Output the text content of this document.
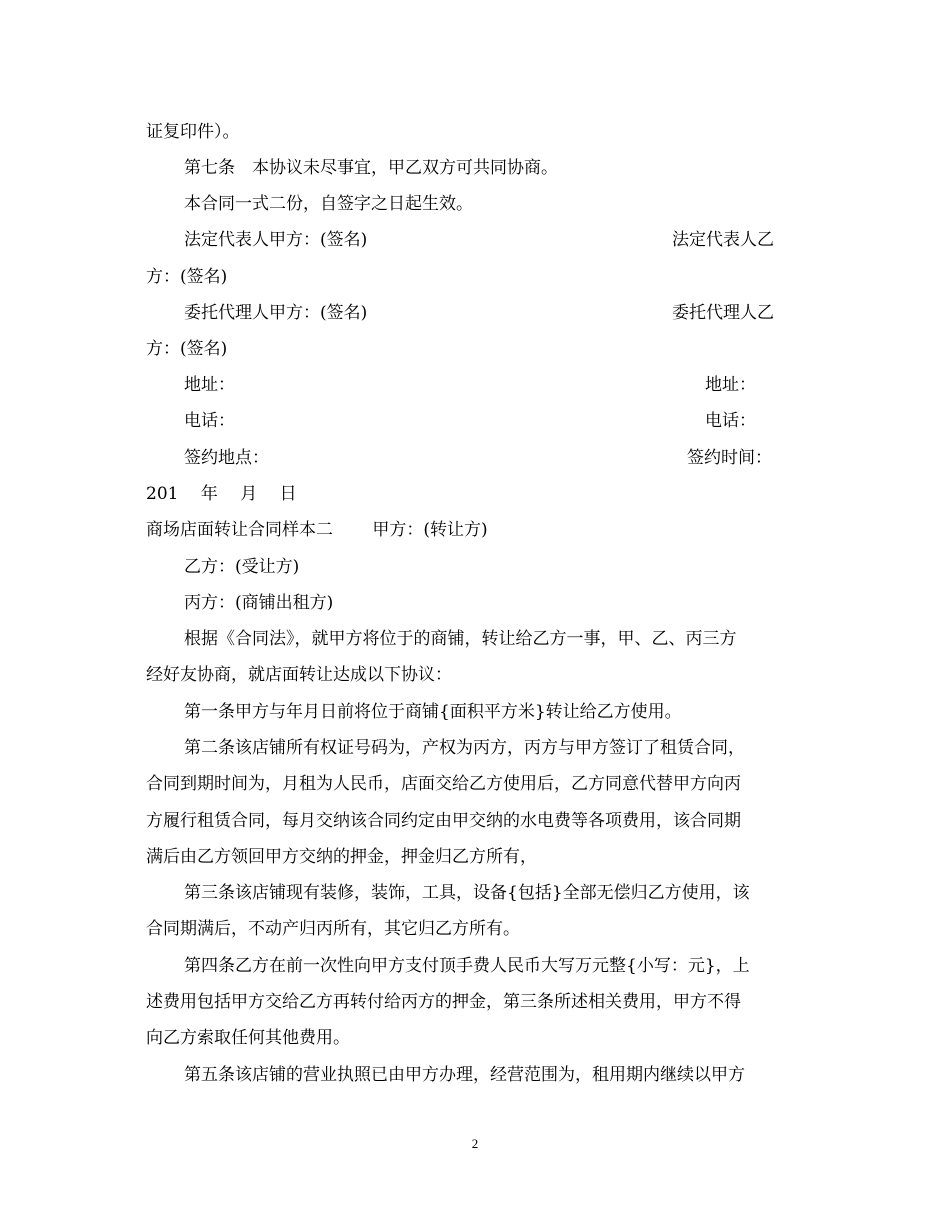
证复印件）。
第七条　本协议未尽事宜，甲乙双方可共同协商。
本合同一式二份，自签字之日起生效。
法定代表人甲方：(签名)	法定代表人乙
方：(签名)
委托代理人甲方：(签名)	委托代理人乙
方：(签名)
地址：	地址：
电话：	电话：
签约地点：	签约时间：
201　 年　 月　 日
商场店面转让合同样本二　　 甲方：(转让方)
乙方：(受让方)
丙方：(商铺出租方)
根据《合同法》，就甲方将位于的商铺，转让给乙方一事，甲、乙、丙三方
经好友协商，就店面转让达成以下协议：
第一条甲方与年月日前将位于商铺{面积平方米}转让给乙方使用。
第二条该店铺所有权证号码为，产权为丙方，丙方与甲方签订了租赁合同，
合同到期时间为，月租为人民币，店面交给乙方使用后，乙方同意代替甲方向丙
方履行租赁合同，每月交纳该合同约定由甲交纳的水电费等各项费用，该合同期
满后由乙方领回甲方交纳的押金，押金归乙方所有，
第三条该店铺现有装修，装饰，工具，设备{包括}全部无偿归乙方使用，该
合同期满后，不动产归丙所有，其它归乙方所有。
第四条乙方在前一次性向甲方支付顶手费人民币大写万元整{小写：元}，上
述费用包括甲方交给乙方再转付给丙方的押金，第三条所述相关费用，甲方不得
向乙方索取任何其他费用。
第五条该店铺的营业执照已由甲方办理，经营范围为，租用期内继续以甲方
2
